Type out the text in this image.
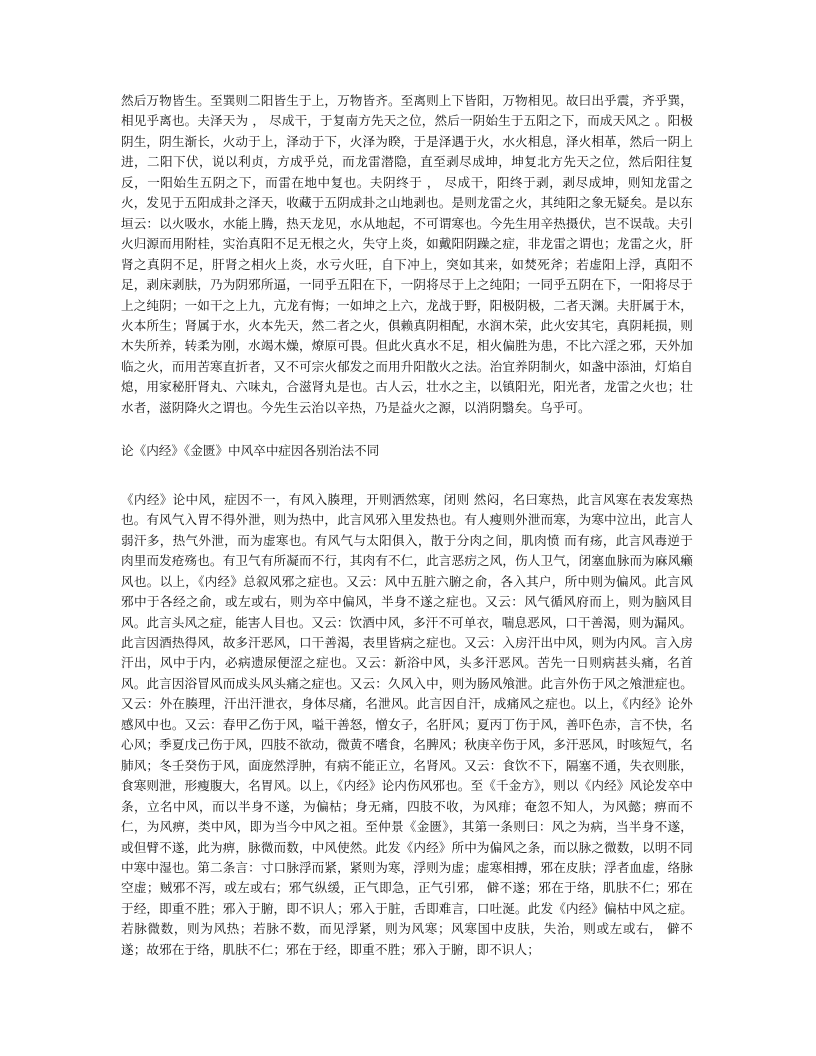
然后万物皆生。至巽则二阳皆生于上，万物皆齐。至离则上下皆阳，万物相见。故曰出乎震，齐乎巽，相见乎离也。夫泽天为 ， 尽成干，于复南方先天之位，然后一阴始生于五阳之下，而成天风之 。阳极阴生，阴生渐长，火动于上，泽动于下，火泽为睽，于是泽遇于火，水火相息，泽火相革，然后一阴上进，二阳下伏，说以利贞，方成乎兑，而龙雷潜隐，直至剥尽成坤，坤复北方先天之位，然后阳往复反，一阳始生五阴之下，而雷在地中复也。夫阴终于 ， 尽成干，阳终于剥，剥尽成坤，则知龙雷之火，发见于五阳成卦之泽天，收藏于五阴成卦之山地剥也。是则龙雷之火，其纯阳之象无疑矣。是以东垣云：以火吸水，水能上腾，热天龙见，水从地起，不可谓寒也。今先生用辛热摄伏，岂不误哉。夫引火归源而用附桂，实治真阳不足无根之火，失守上炎，如戴阳阴躁之症，非龙雷之谓也；龙雷之火，肝肾之真阴不足，肝肾之相火上炎，水亏火旺，自下冲上，突如其来，如焚死斧；若虚阳上浮，真阳不足，剥床剥肤，乃为阴邪所逼，一同乎五阳在下，一阴将尽于上之纯阳；一同乎五阴在下，一阳将尽于上之纯阴；一如干之上九，亢龙有悔；一如坤之上六，龙战于野，阳极阴极，二者天渊。夫肝属于木，火本所生；肾属于水，火本先天，然二者之火，俱赖真阴相配，水润木荣，此火安其宅，真阴耗损，则木失所养，转柔为刚，水竭木燥，燎原可畏。但此火真水不足，相火偏胜为患，不比六淫之邪，天外加临之火，而用苦寒直折者，又不可宗火郁发之而用升阳散火之法。治宜养阴制火，如盏中添油，灯焰自熄，用家秘肝肾丸、六味丸，合滋肾丸是也。古人云，壮水之主，以镇阳光，阳光者，龙雷之火也；壮水者，滋阴降火之谓也。今先生云治以辛热，乃是益火之源，以消阴翳矣。乌乎可。

论《内经》《金匮》中风卒中症因各别治法不同

《内经》论中风，症因不一，有风入腠理，开则洒然寒，闭则 然闷，名曰寒热，此言风寒在表发寒热也。有风气入胃不得外泄，则为热中，此言风邪入里发热也。有人瘦则外泄而寒，为寒中泣出，此言人弱汗多，热气外泄，而为虚寒也。有风气与太阳俱入，散于分肉之间，肌肉愤 而有疡，此言风毒逆于肉里而发疮殇也。有卫气有所凝而不行，其肉有不仁，此言恶疠之风，伤人卫气，闭塞血脉而为麻风癞风也。以上，《内经》总叙风邪之症也。又云：风中五脏六腑之俞，各入其户，所中则为偏风。此言风邪中于各经之俞，或左或右，则为卒中偏风，半身不遂之症也。又云：风气循风府而上，则为脑风目风。此言头风之症，能害人目也。又云：饮酒中风，多汗不可单衣，喘息恶风，口干善渴，则为漏风。

此言因酒热得风，故多汗恶风，口干善渴，表里皆病之症也。又云：入房汗出中风，则为内风。言入房汗出，风中于内，必病遗尿便涩之症也。又云：新浴中风，头多汗恶风。苦先一日则病甚头痛，名首风。此言因浴冒风而成头风头痛之症也。又云：久风入中，则为肠风飧泄。此言外伤于风之飧泄症也。又云：外在腠理，汗出汗泄衣，身体尽痛，名泄风。此言因自汗，成痛风之症也。以上，《内经》论外感风中也。又云：春甲乙伤于风，嗌干善怒，憎女子，名肝风；夏丙丁伤于风，善吓色赤，言不快，名心风；季夏戊己伤于风，四肢不欲动，微黄不嗜食，名脾风；秋庚辛伤于风，多汗恶风，时咳短气，名肺风；冬壬癸伤于风，面庞然浮肿，有病不能正立，名肾风。又云：食饮不下，隔塞不通，失衣则胀，食寒则泄，形瘦腹大，名胃风。以上，《内经》论内伤风邪也。至《千金方》，则以《内经》风论发卒中条，立名中风，而以半身不遂，为偏枯；身无痛，四肢不收，为风痱；奄忽不知人，为风懿；痹而不仁，为风痹，类中风，即为当今中风之祖。至仲景《金匮》，其第一条则曰：风之为病，当半身不遂，或但臂不遂，此为痹，脉微而数，中风使然。此发《内经》所中为偏风之条，而以脉之微数，以明不同中寒中湿也。第二条言：寸口脉浮而紧，紧则为寒，浮则为虚；虚寒相搏，邪在皮肤；浮者血虚，络脉空虚；贼邪不泻，或左或右；邪气纵缓，正气即急，正气引邪， 僻不遂；邪在于络，肌肤不仁；邪在于经，即重不胜；邪入于腑，即不识人；邪入于脏，舌即难言，口吐涎。此发《内经》偏枯中风之症。若脉微数，则为风热；若脉不数，而见浮紧，则为风寒；风寒国中皮肤，失治，则或左或右， 僻不遂；故邪在于络，肌肤不仁；邪在于经，即重不胜；邪入于腑，即不识人；
